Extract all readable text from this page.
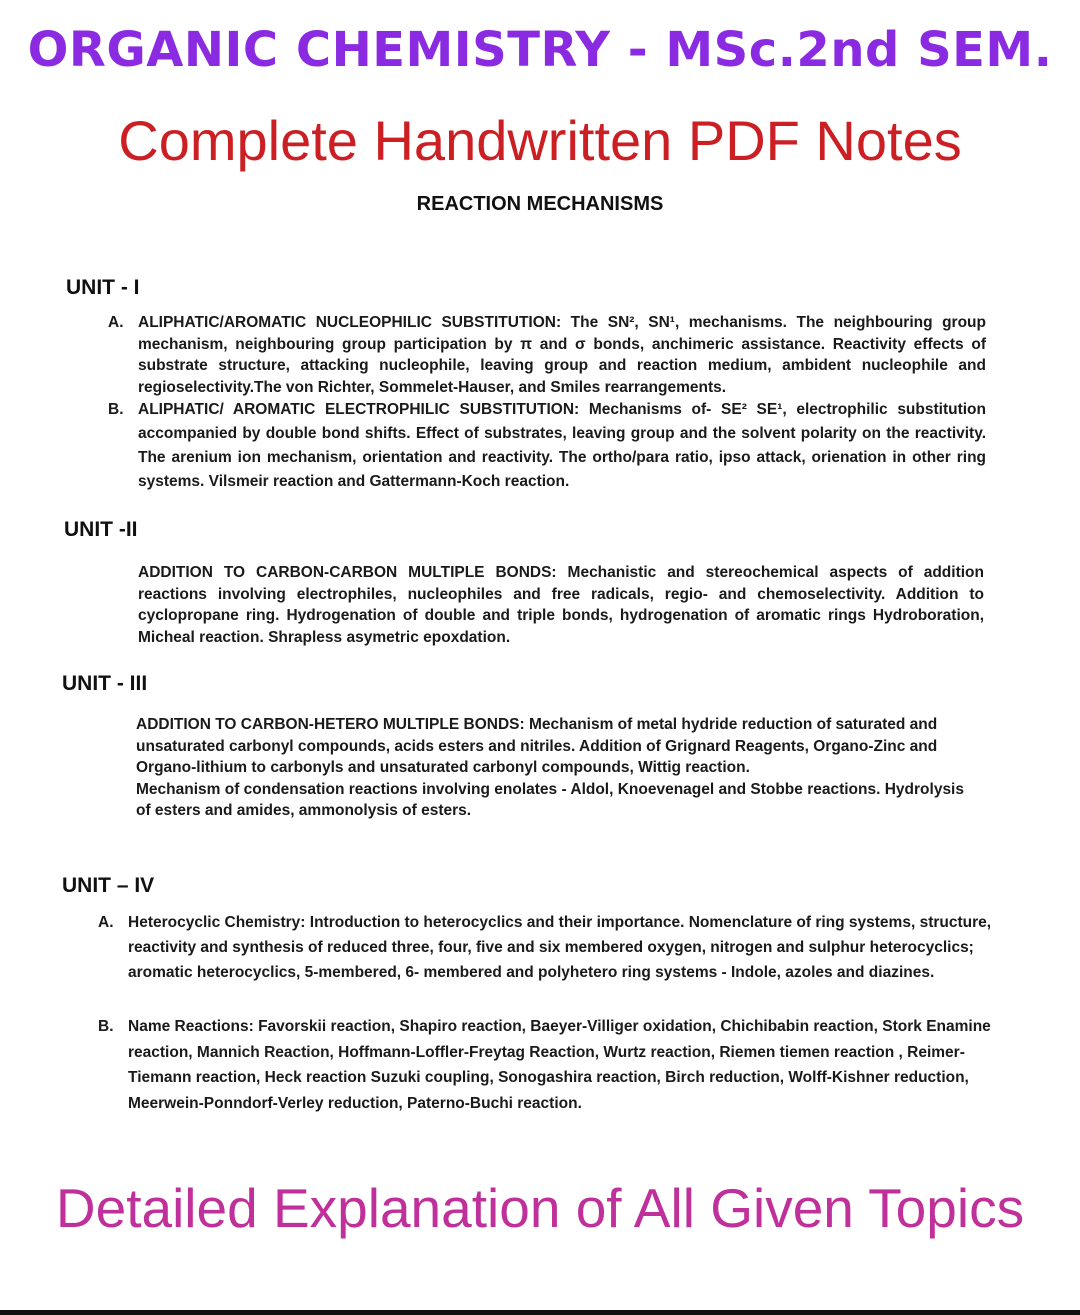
ORGANIC CHEMISTRY - MSc.2nd SEM.
Complete Handwritten PDF Notes
REACTION MECHANISMS
UNIT - I
A. ALIPHATIC/AROMATIC NUCLEOPHILIC SUBSTITUTION: The SN², SN¹, mechanisms. The neighbouring group mechanism, neighbouring group participation by π and σ bonds, anchimeric assistance. Reactivity effects of substrate structure, attacking nucleophile, leaving group and reaction medium, ambident nucleophile and regioselectivity.The von Richter, Sommelet-Hauser, and Smiles rearrangements.
B. ALIPHATIC/ AROMATIC ELECTROPHILIC SUBSTITUTION: Mechanisms of- SE² SE¹, electrophilic substitution accompanied by double bond shifts. Effect of substrates, leaving group and the solvent polarity on the reactivity. The arenium ion mechanism, orientation and reactivity. The ortho/para ratio, ipso attack, orienation in other ring systems. Vilsmeir reaction and Gattermann-Koch reaction.
UNIT -II
ADDITION TO CARBON-CARBON MULTIPLE BONDS: Mechanistic and stereochemical aspects of addition reactions involving electrophiles, nucleophiles and free radicals, regio- and chemoselectivity. Addition to cyclopropane ring. Hydrogenation of double and triple bonds, hydrogenation of aromatic rings Hydroboration, Micheal reaction. Shrapless asymetric epoxdation.
UNIT - III
ADDITION TO CARBON-HETERO MULTIPLE BONDS: Mechanism of metal hydride reduction of saturated and unsaturated carbonyl compounds, acids esters and nitriles. Addition of Grignard Reagents, Organo-Zinc and Organo-lithium to carbonyls and unsaturated carbonyl compounds, Wittig reaction.
Mechanism of condensation reactions involving enolates - Aldol, Knoevenagel and Stobbe reactions. Hydrolysis of esters and amides, ammonolysis of esters.
UNIT – IV
A. Heterocyclic Chemistry: Introduction to heterocyclics and their importance. Nomenclature of ring systems, structure, reactivity and synthesis of reduced three, four, five and six membered oxygen, nitrogen and sulphur heterocyclics; aromatic heterocyclics, 5-membered, 6- membered and polyhetero ring systems - Indole, azoles and diazines.
B. Name Reactions: Favorskii reaction, Shapiro reaction, Baeyer-Villiger oxidation, Chichibabin reaction, Stork Enamine reaction, Mannich Reaction, Hoffmann-Loffler-Freytag Reaction, Wurtz reaction, Riemen tiemen reaction , Reimer-Tiemann reaction, Heck reaction Suzuki coupling, Sonogashira reaction, Birch reduction, Wolff-Kishner reduction, Meerwein-Ponndorf-Verley reduction, Paterno-Buchi reaction.
Detailed Explanation of All Given Topics
